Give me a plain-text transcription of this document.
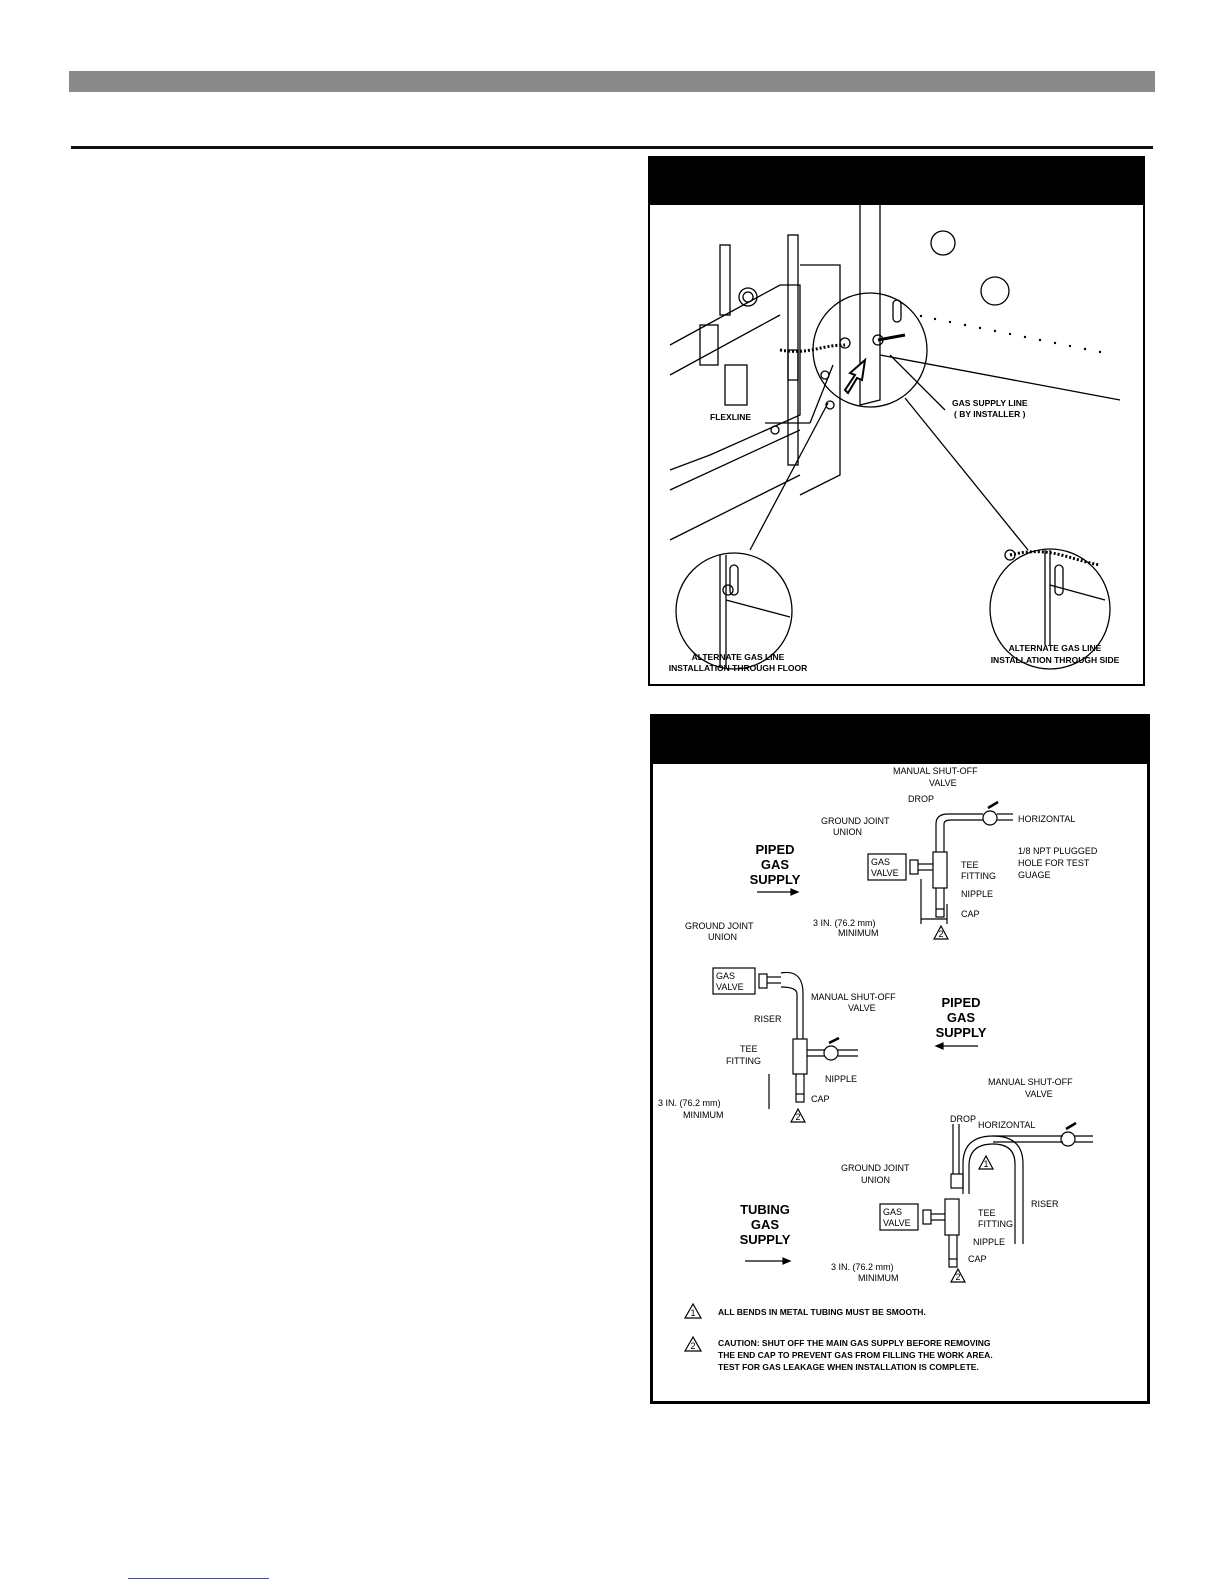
FLEXLINE
GAS SUPPLY LINE
( BY INSTALLER )
ALTERNATE GAS LINE
INSTALLATION THROUGH FLOOR
ALTERNATE GAS LINE
INSTALLATION THROUGH SIDE
MANUAL SHUT-OFF
VALVE
DROP
GROUND JOINT
UNION
HORIZONTAL
1/8 NPT PLUGGED
HOLE FOR TEST
GUAGE
GAS
VALVE
TEE
FITTING
NIPPLE
CAP
3 IN. (76.2 mm)
MINIMUM
GROUND JOINT
UNION
GAS
VALVE
MANUAL SHUT-OFF
VALVE
RISER
TEE
FITTING
NIPPLE
CAP
3 IN. (76.2 mm)
MINIMUM
MANUAL SHUT-OFF
VALVE
DROP
HORIZONTAL
GROUND JOINT
UNION
RISER
GAS
VALVE
TEE
FITTING
NIPPLE
CAP
3 IN. (76.2 mm)
MINIMUM
PIPED
GAS
SUPPLY
PIPED
GAS
SUPPLY
TUBING
GAS
SUPPLY
2
2
1
2
1
2
ALL BENDS IN METAL TUBING MUST BE SMOOTH.
CAUTION: SHUT OFF THE MAIN GAS SUPPLY BEFORE REMOVING
THE END CAP TO PREVENT GAS FROM FILLING THE WORK AREA.
TEST FOR GAS LEAKAGE WHEN INSTALLATION IS COMPLETE.
